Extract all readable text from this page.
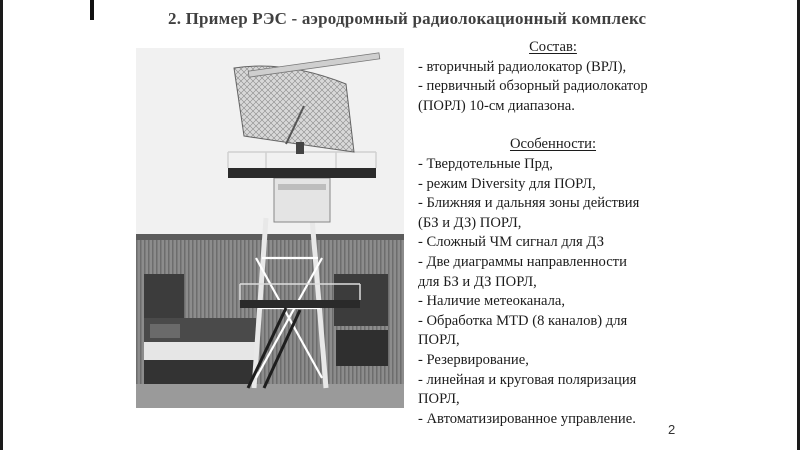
2. Пример РЭС - аэродромный радиолокационный комплекс
Состав:
- вторичный радиолокатор (ВРЛ),
- первичный обзорный радиолокатор
(ПОРЛ) 10-см диапазона.
Особенности:
- Твердотельные Прд,
- режим Diversity для ПОРЛ,
- Ближняя и дальняя зоны действия
(БЗ и ДЗ) ПОРЛ,
- Сложный ЧМ сигнал для ДЗ
- Две диаграммы направленности
для БЗ и ДЗ ПОРЛ,
- Наличие метеоканала,
- Обработка MTD (8 каналов) для
ПОРЛ,
- Резервирование,
- линейная и круговая поляризация
ПОРЛ,
- Автоматизированное управление.
2
